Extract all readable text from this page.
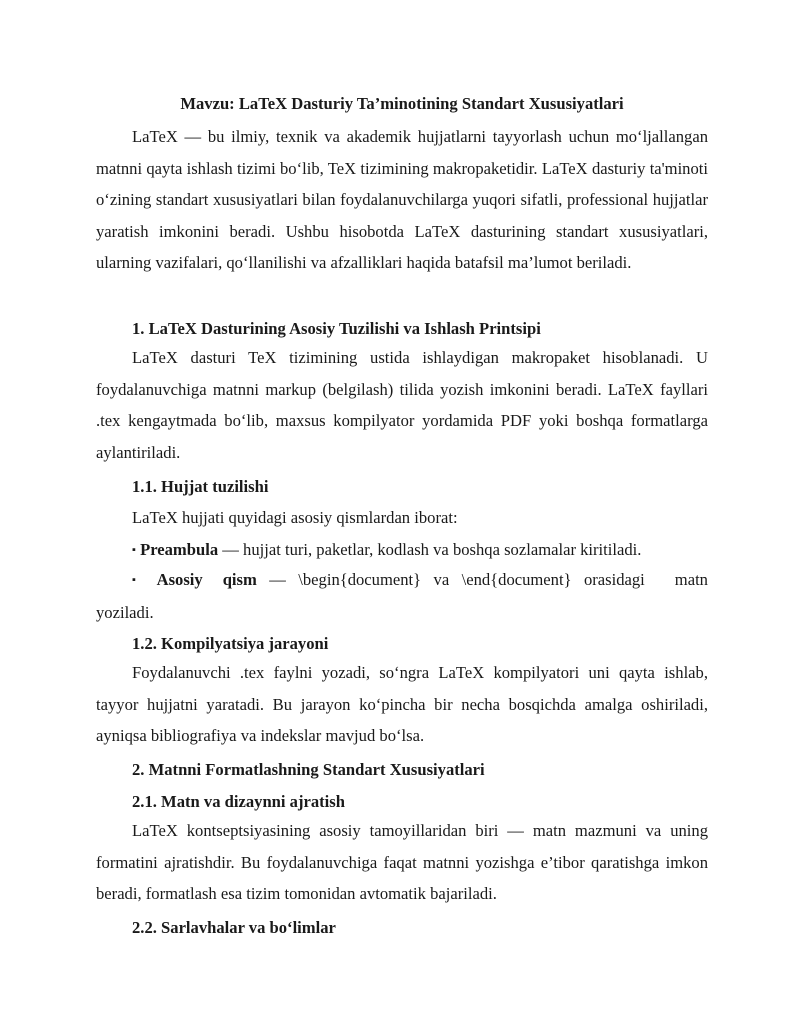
Mavzu: LaTeX Dasturiy Ta’minotining Standart Xususiyatlari

LaTeX — bu ilmiy, texnik va akademik hujjatlarni tayyorlash uchun mo‘ljallangan matnni qayta ishlash tizimi bo‘lib, TeX tizimining makropaketidir. LaTeX dasturiy ta'minoti o‘zining standart xususiyatlari bilan foydalanuvchilarga yuqori sifatli, professional hujjatlar yaratish imkonini beradi. Ushbu hisobotda LaTeX dasturining standart xususiyatlari, ularning vazifalari, qo‘llanilishi va afzalliklari haqida batafsil ma’lumot beriladi.

1. LaTeX Dasturining Asosiy Tuzilishi va Ishlash Printsipi

LaTeX dasturi TeX tizimining ustida ishlaydigan makropaket hisoblanadi. U foydalanuvchiga matnni markup (belgilash) tilida yozish imkonini beradi. LaTeX fayllari .tex kengaytmada bo‘lib, maxsus kompilyator yordamida PDF yoki boshqa formatlarga aylantiriladi.

1.1. Hujjat tuzilishi
LaTeX hujjati quyidagi asosiy qismlardan iborat:
▪ Preambula — hujjat turi, paketlar, kodlash va boshqa sozlamalar kiritiladi.

▪ Asosiy qism — \begin{document} va \end{document} orasidagi matn yoziladi.

1.2. Kompilyatsiya jarayoni

Foydalanuvchi .tex faylni yozadi, so‘ngra LaTeX kompilyatori uni qayta ishlab, tayyor hujjatni yaratadi. Bu jarayon ko‘pincha bir necha bosqichda amalga oshiriladi, ayniqsa bibliografiya va indekslar mavjud bo‘lsa.

2. Matnni Formatlashning Standart Xususiyatlari
2.1. Matn va dizaynni ajratish

LaTeX kontseptsiyasining asosiy tamoyillaridan biri — matn mazmuni va uning formatini ajratishdir. Bu foydalanuvchiga faqat matnni yozishga e’tibor qaratishga imkon beradi, formatlash esa tizim tomonidan avtomatik bajariladi.

2.2. Sarlavhalar va bo‘limlar
